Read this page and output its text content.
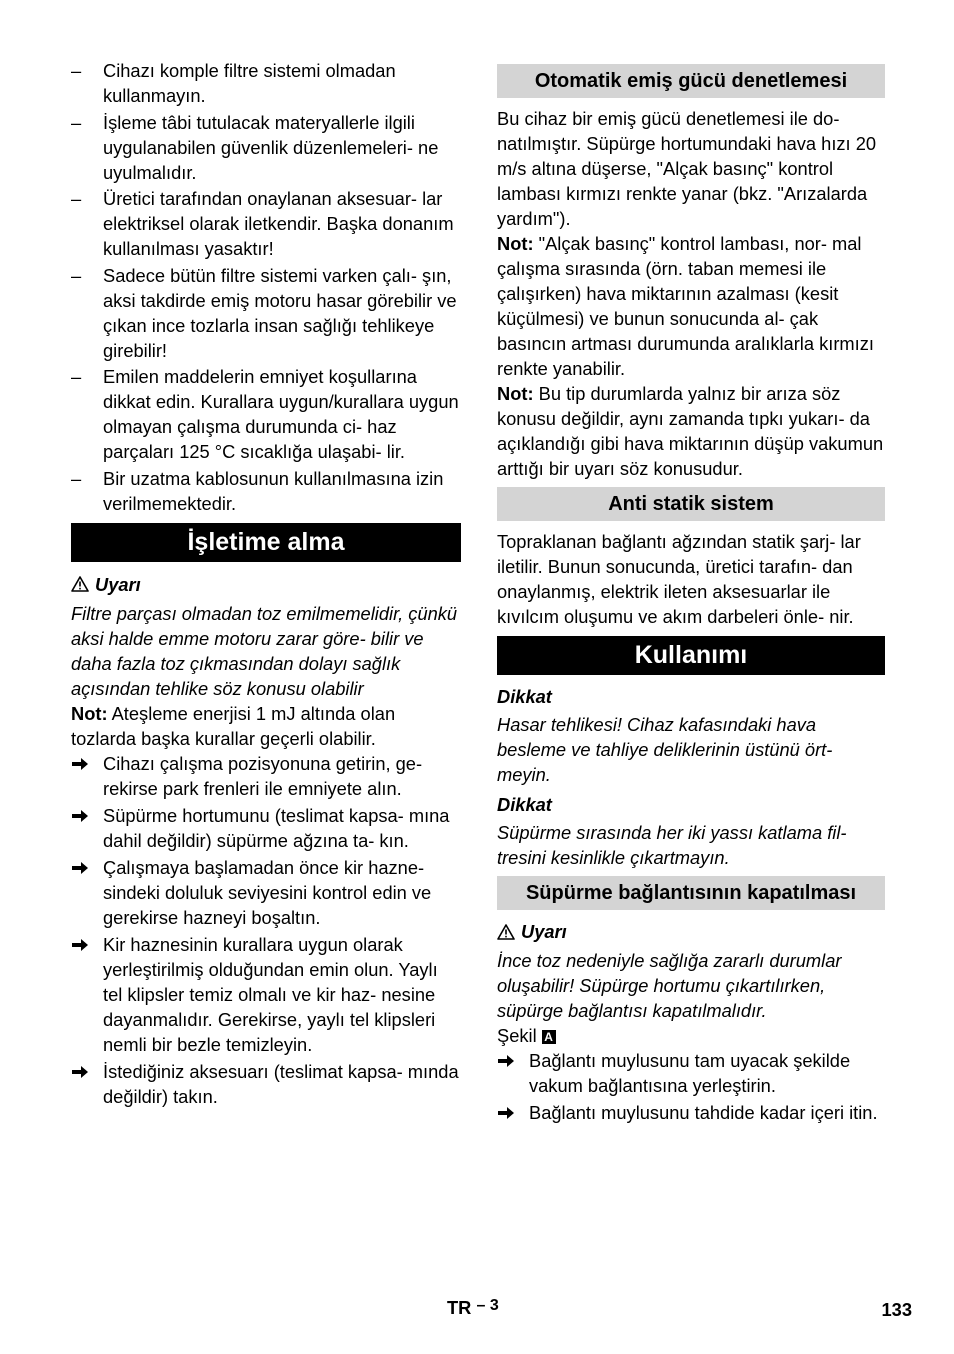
– Cihazı komple filtre sistemi olmadan kullanmayın.
– İşleme tâbi tutulacak materyallerle ilgili uygulanabilen güvenlik düzenlemeleri- ne uyulmalıdır.
– Üretici tarafından onaylanan aksesuar- lar elektriksel olarak iletkendir. Başka donanım kullanılması yasaktır!
– Sadece bütün filtre sistemi varken çalı- şın, aksi takdirde emiş motoru hasar görebilir ve çıkan ince tozlarla insan sağlığı tehlikeye girebilir!
– Emilen maddelerin emniyet koşullarına dikkat edin. Kurallara uygun/kurallara uygun olmayan çalışma durumunda ci- haz parçaları 125 °C sıcaklığa ulaşabi- lir.
– Bir uzatma kablosunun kullanılmasına izin verilmemektedir.
İşletime alma
Uyarı

Filtre parçası olmadan toz emilmemelidir, çünkü aksi halde emme motoru zarar göre- bilir ve daha fazla toz çıkmasından dolayı sağlık açısından tehlike söz konusu olabilir

Not: Ateşleme enerjisi 1 mJ altında olan tozlarda başka kurallar geçerli olabilir.

Cihazı çalışma pozisyonuna getirin, ge- rekirse park frenleri ile emniyete alın.
Süpürme hortumunu (teslimat kapsa- mına dahil değildir) süpürme ağzına ta- kın.
Çalışmaya başlamadan önce kir hazne- sindeki doluluk seviyesini kontrol edin ve gerekirse hazneyi boşaltın.
Kir haznesinin kurallara uygun olarak yerleştirilmiş olduğundan emin olun. Yaylı tel klipsler temiz olmalı ve kir haz- nesine dayanmalıdır. Gerekirse, yaylı tel klipsleri nemli bir bezle temizleyin.
İstediğiniz aksesuarı (teslimat kapsa- mında değildir) takın.
Otomatik emiş gücü denetlemesi

Bu cihaz bir emiş gücü denetlemesi ile do- natılmıştır. Süpürge hortumundaki hava hızı 20 m/s altına düşerse, "Alçak basınç" kontrol lambası kırmızı renkte yanar (bkz. "Arızalarda yardım").

Not: "Alçak basınç" kontrol lambası, nor- mal çalışma sırasında (örn. taban memesi ile çalışırken) hava miktarının azalması (kesit küçülmesi) ve bunun sonucunda al- çak basıncın artması durumunda aralıklarla kırmızı renkte yanabilir.

Not: Bu tip durumlarda yalnız bir arıza söz konusu değildir, aynı zamanda tıpkı yukarı- da açıklandığı gibi hava miktarının düşüp vakumun arttığı bir uyarı söz konusudur.

Anti statik sistem

Topraklanan bağlantı ağzından statik şarj- lar iletilir. Bunun sonucunda, üretici tarafın- dan onaylanmış, elektrik ileten aksesuarlar ile kıvılcım oluşumu ve akım darbeleri önle- nir.

Kullanımı
Dikkat

Hasar tehlikesi! Cihaz kafasındaki hava besleme ve tahliye deliklerinin üstünü ört- meyin.

Dikkat

Süpürme sırasında her iki yassı katlama fil- tresini kesinlikle çıkartmayın.

Süpürme bağlantısının kapatılması
Uyarı

İnce toz nedeniyle sağlığa zararlı durumlar oluşabilir! Süpürge hortumu çıkartılırken, süpürge bağlantısı kapatılmalıdır.

Şekil A

Bağlantı muylusunu tam uyacak şekilde vakum bağlantısına yerleştirin.
Bağlantı muylusunu tahdide kadar içeri itin.
TR $^{- 3}$	133
